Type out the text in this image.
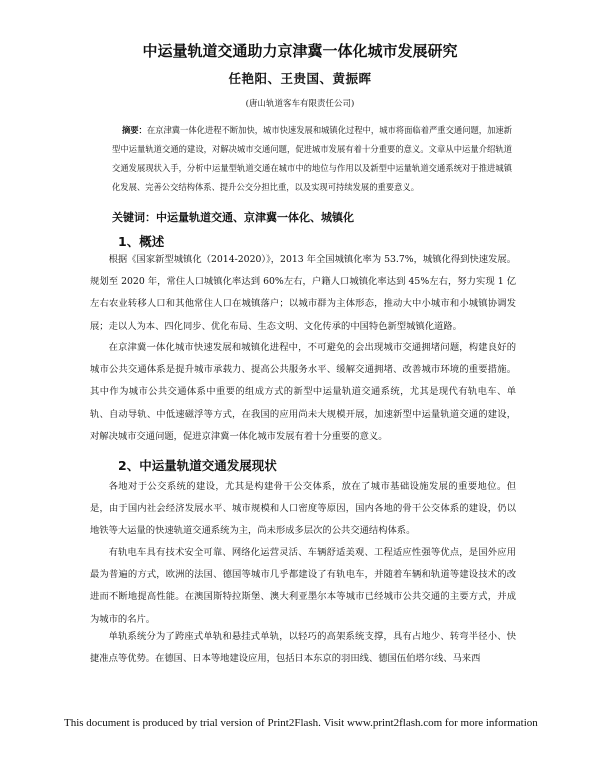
中运量轨道交通助力京津冀一体化城市发展研究
任艳阳、王贵国、黄振晖
(唐山轨道客车有限责任公司)
摘要：在京津冀一体化进程不断加快，城市快速发展和城镇化过程中，城市将面临着严重交通问题，加速新型中运量轨道交通的建设，对解决城市交通问题，促进城市发展有着十分重要的意义。文章从中运量介绍轨道交通发展现状入手，分析中运量型轨道交通在城市中的地位与作用以及新型中运量轨道交通系统对于推进城镇化发展、完善公交结构体系、提升公交分担比重，以及实现可持续发展的重要意义。
关键词：中运量轨道交通、京津冀一体化、城镇化
1、概述
根据《国家新型城镇化（2014-2020）》，2013 年全国城镇化率为 53.7%，城镇化得到快速发展。规划至 2020 年，常住人口城镇化率达到 60%左右，户籍人口城镇化率达到 45%左右，努力实现 1 亿左右农业转移人口和其他常住人口在城镇落户；以城市群为主体形态，推动大中小城市和小城镇协调发展；走以人为本、四化同步、优化布局、生态文明、文化传承的中国特色新型城镇化道路。
在京津冀一体化城市快速发展和城镇化进程中，不可避免的会出现城市交通拥堵问题，构建良好的城市公共交通体系是提升城市承载力、提高公共服务水平、缓解交通拥堵、改善城市环境的重要措施。其中作为城市公共交通体系中重要的组成方式的新型中运量轨道交通系统，尤其是现代有轨电车、单轨、自动导轨、中低速磁浮等方式，在我国的应用尚未大规模开展，加速新型中运量轨道交通的建设，对解决城市交通问题，促进京津冀一体化城市发展有着十分重要的意义。
2、中运量轨道交通发展现状
各地对于公交系统的建设，尤其是构建骨干公交体系，放在了城市基础设施发展的重要地位。但是，由于国内社会经济发展水平、城市规模和人口密度等原因，国内各地的骨干公交体系的建设，仍以地铁等大运量的快速轨道交通系统为主，尚未形成多层次的公共交通结构体系。
有轨电车具有技术安全可靠、网络化运营灵活、车辆舒适美观、工程适应性强等优点，是国外应用最为普遍的方式，欧洲的法国、德国等城市几乎都建设了有轨电车，并随着车辆和轨道等建设技术的改进而不断地提高性能。在澳国斯特拉斯堡、澳大利亚墨尔本等城市已经城市公共交通的主要方式，并成为城市的名片。
单轨系统分为了跨座式单轨和悬挂式单轨，以轻巧的高架系统支撑，具有占地少、转弯半径小、快捷准点等优势。在德国、日本等地建设应用，包括日本东京的羽田线、德国伍伯塔尔线、马来西
This document is produced by trial version of Print2Flash. Visit www.print2flash.com for more information
